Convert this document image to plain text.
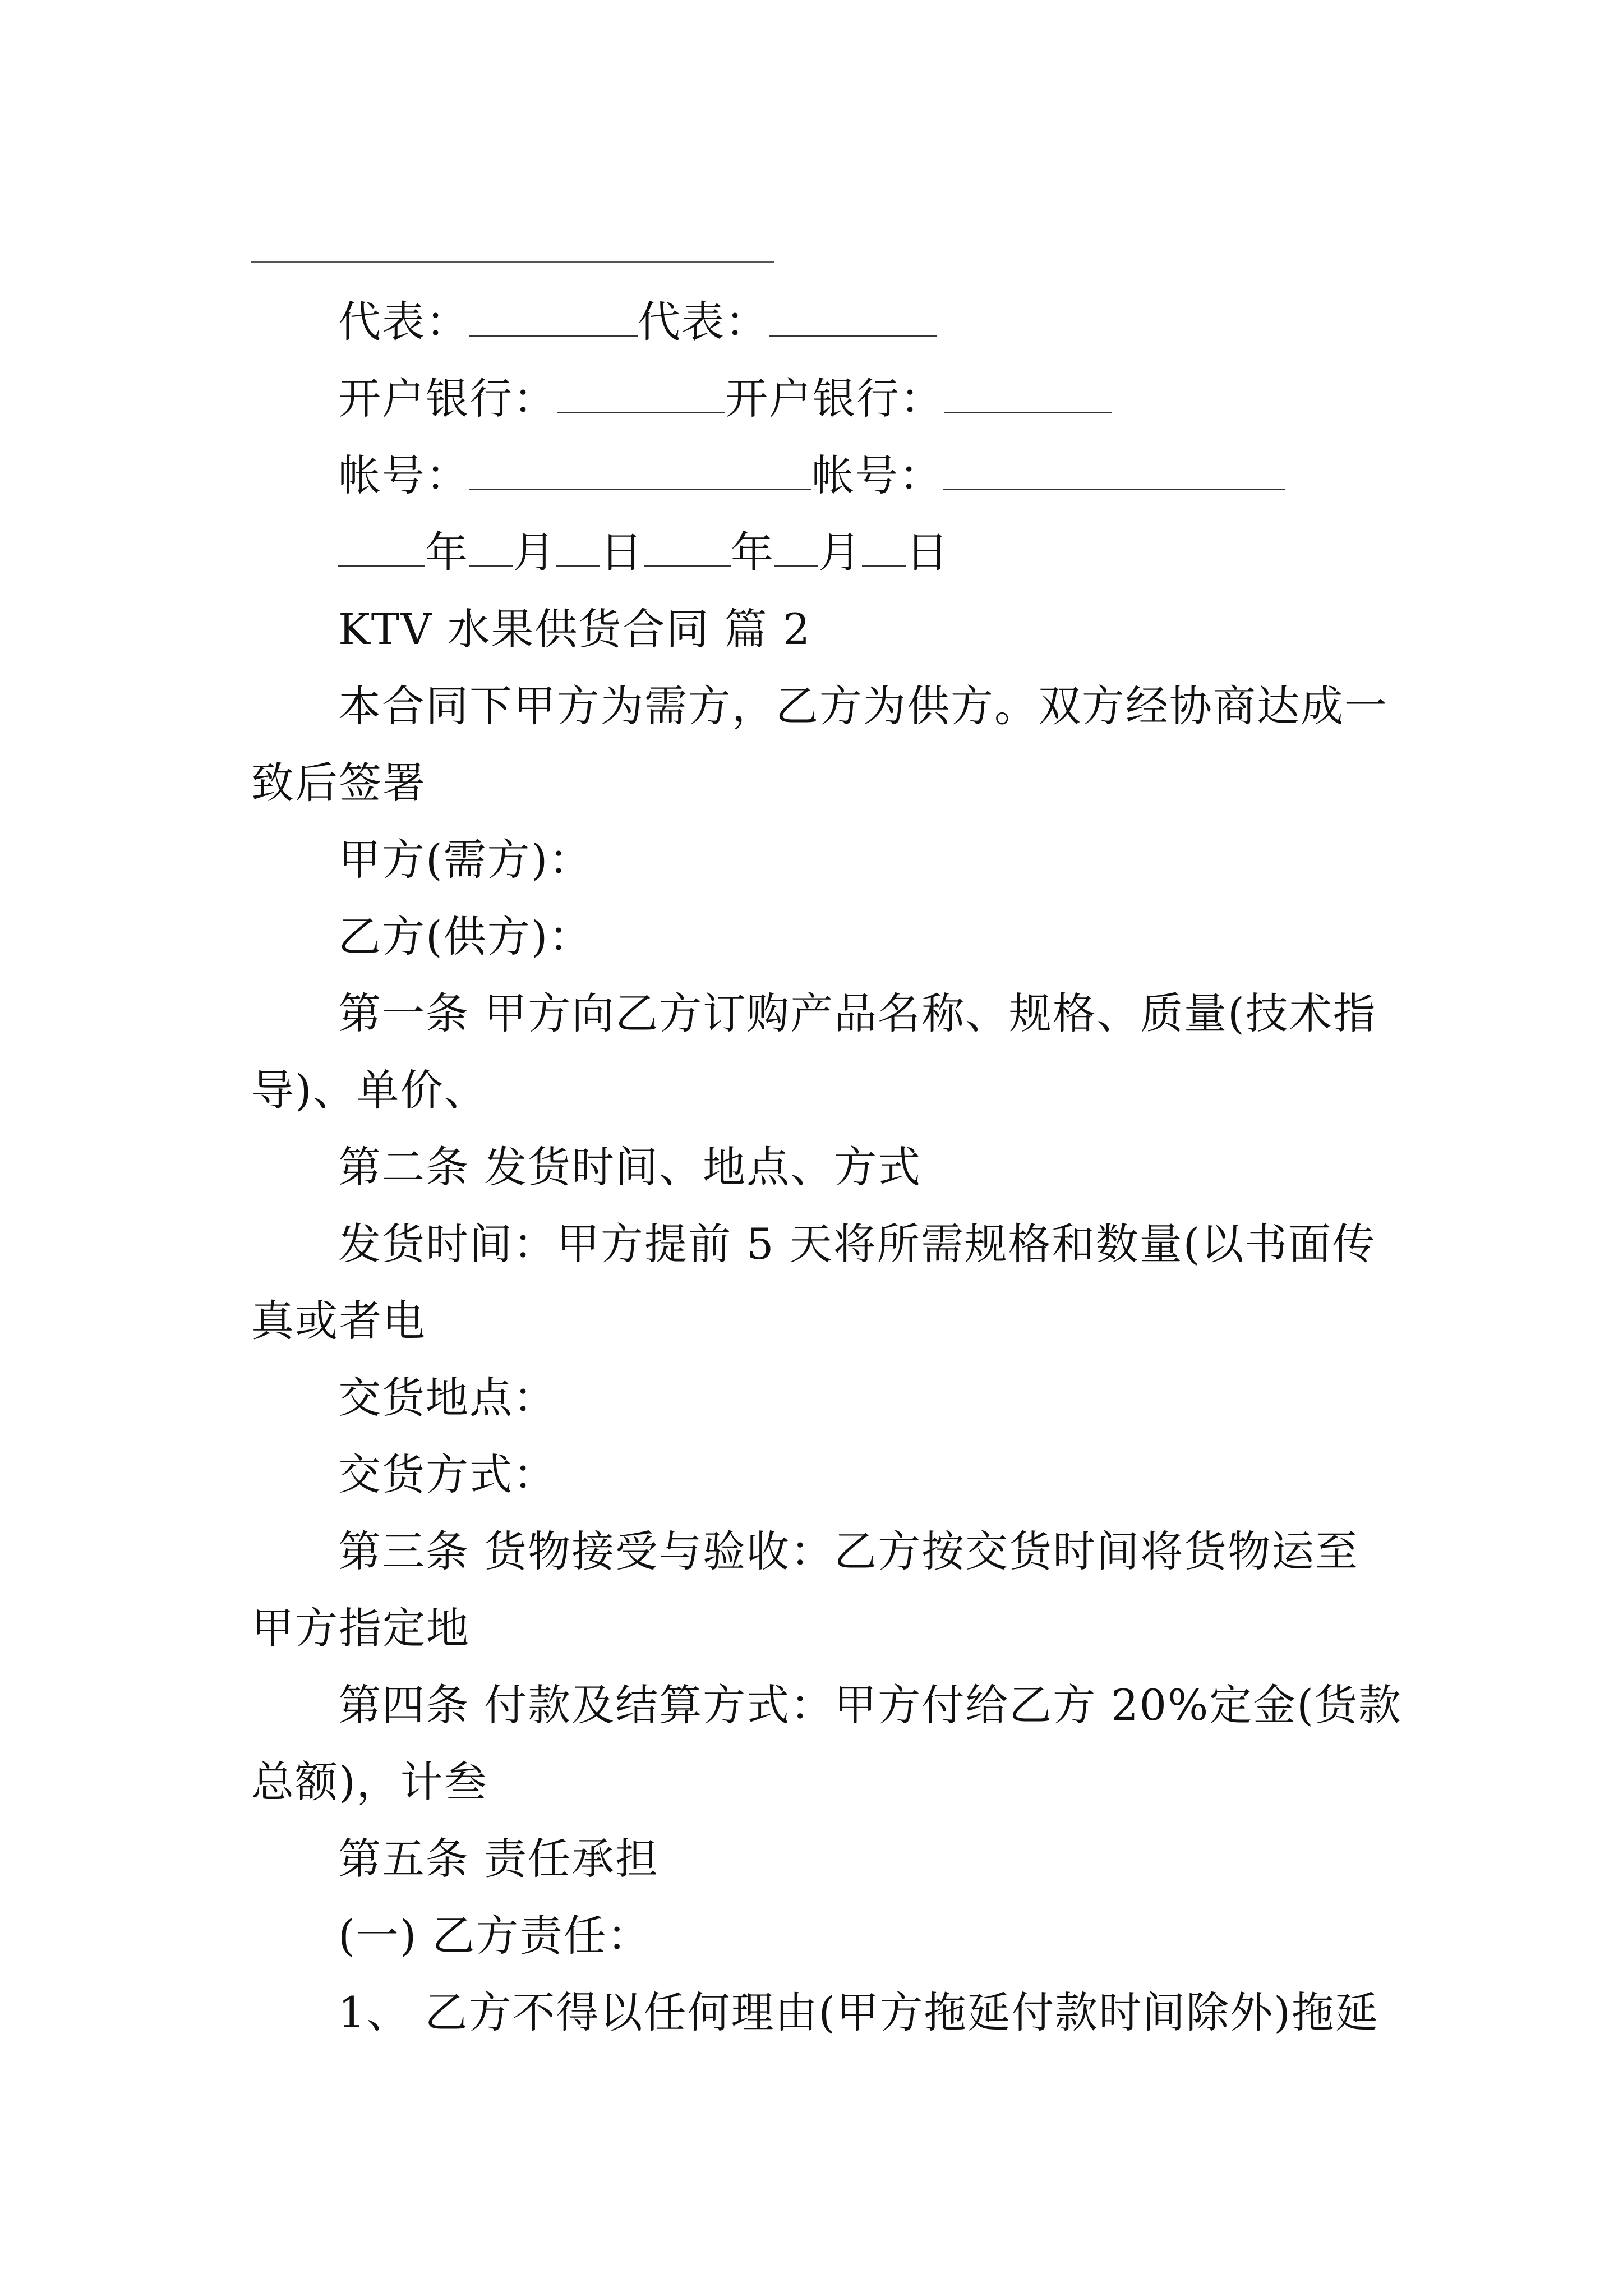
代表：	代表：
开户银行：	开户银行：
帐号：	帐号：
年 月 日 年 月 日
KTV 水果供货合同 篇 2
本合同下甲方为需方，乙方为供方。双方经协商达成一
致后签署
甲方(需方)：
乙方(供方)：
第一条 甲方向乙方订购产品名称、规格、质量(技术指
导)、单价、
第二条 发货时间、地点、方式
发货时间：甲方提前 5 天将所需规格和数量(以书面传
真或者电
交货地点：
交货方式：
第三条 货物接受与验收：乙方按交货时间将货物运至
甲方指定地
第四条 付款及结算方式：甲方付给乙方 20%定金(货款
总额)，计叁
第五条 责任承担
(一) 乙方责任：
1、 乙方不得以任何理由(甲方拖延付款时间除外)拖延
